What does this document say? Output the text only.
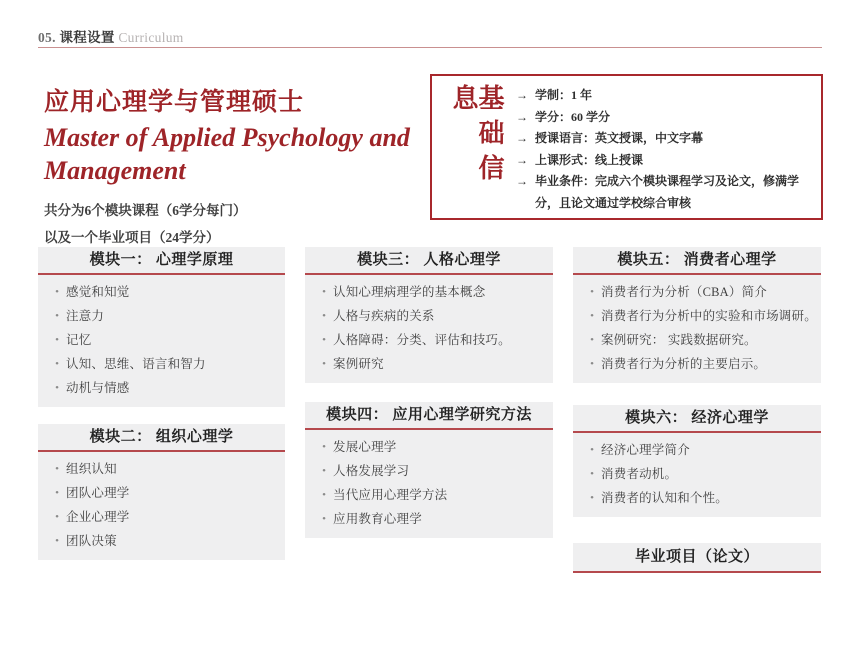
05. 课程设置 Curriculum
应用心理学与管理硕士
Master of Applied Psychology and Management
共分为6个模块课程（6学分每门）
以及一个毕业项目（24学分）
基础信息	→ 学制：1 年
→ 学分：60 学分
→ 授课语言：英文授课，中文字幕
→ 上课形式：线上授课
→ 毕业条件：完成六个模块课程学习及论文，修满学分，且论文通过学校综合审核
模块一： 心理学原理
• 感觉和知觉
• 注意力
• 记忆
• 认知、思维、语言和智力
• 动机与情感
模块二： 组织心理学
• 组织认知
• 团队心理学
• 企业心理学
• 团队决策
模块三： 人格心理学
• 认知心理病理学的基本概念
• 人格与疾病的关系
• 人格障碍：分类、评估和技巧。
• 案例研究
模块四： 应用心理学研究方法
• 发展心理学
• 人格发展学习
• 当代应用心理学方法
• 应用教育心理学
模块五： 消费者心理学
• 消费者行为分析（CBA）简介
• 消费者行为分析中的实验和市场调研。
• 案例研究： 实践数据研究。
• 消费者行为分析的主要启示。
模块六： 经济心理学
• 经济心理学简介
• 消费者动机。
• 消费者的认知和个性。
毕业项目（论文）
